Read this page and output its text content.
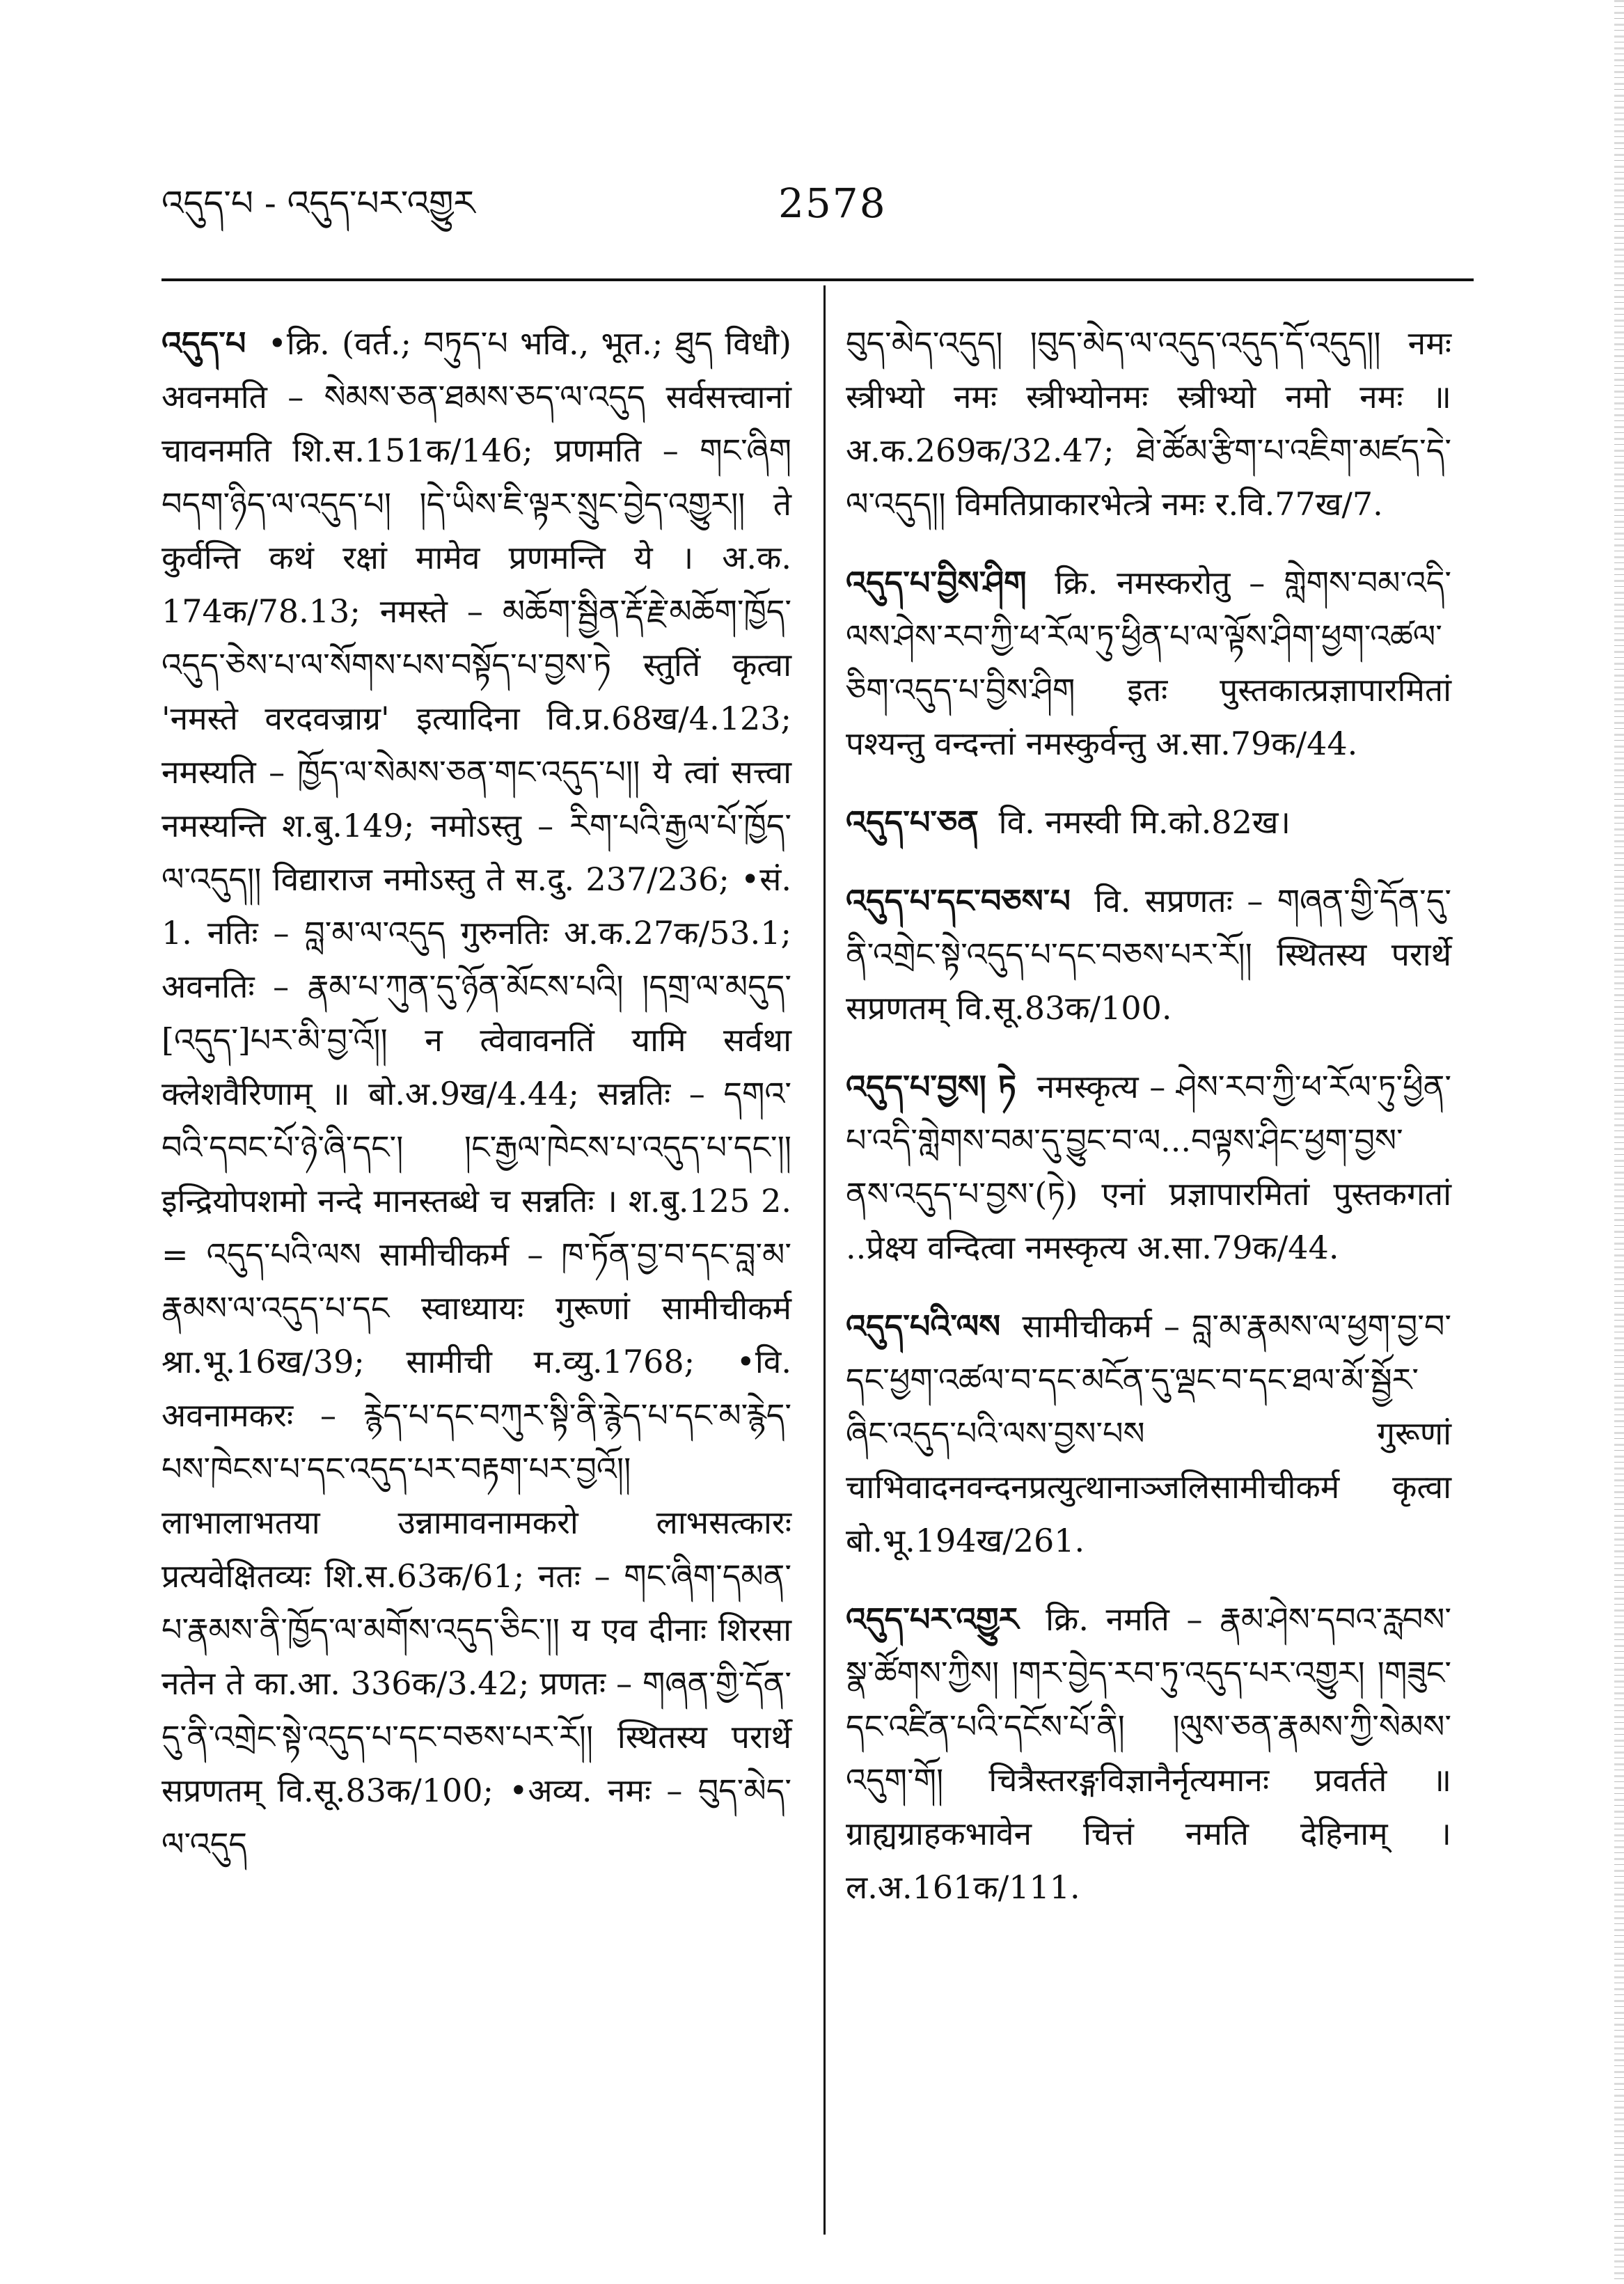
འདུད་པ - འདུད་པར་འགྱུར	2578

འདུད་པ •क्रि. (वर्त.; བཏུད་པ भवि., भूत.; ཐུད विधौ) अवनमति – སེམས་ཅན་ཐམས་ཅད་ལ་འདུད सर्वसत्त्वानां चावनमति शि.स.151क/146; प्रणमति – གང་ཞིག བདག་ཉིད་ལ་འདུད་པ། །དེ་ཡིས་ཇི་ལྟར་སྲུང་བྱེད་འགྱུར།། ते कुर्वन्ति कथं रक्षां मामेव प्रणमन्ति ये । अ.क. 174क/78.13; नमस्ते – མཆོག་སྦྱིན་རྡོ་རྗེ་མཆོག་ཁྱོད་འདུད་ཅེས་པ་ལ་སོགས་པས་བསྟོད་པ་བྱས་ཏེ स्तुतिं कृत्वा 'नमस्ते वरदवज्राग्र' इत्यादिना वि.प्र.68ख/4.123; नमस्यति – ཁྱོད་ལ་སེམས་ཅན་གང་འདུད་པ།། ये त्वां सत्त्वा नमस्यन्ति श.बु.149; नमोऽस्तु – རིག་པའི་རྒྱལ་པོ་ཁྱོད་ལ་འདུད།། विद्याराज नमोऽस्तु ते स.दु. 237/236; •सं. 1. नतिः – བླ་མ་ལ་འདུད गुरुनतिः अ.क.27क/53.1; अवनतिः – རྣམ་པ་ཀུན་དུ་ཉོན་མོངས་པའི། །དགྲ་ལ་མདུད་[འདུད་]པར་མི་བྱ་འོ།། न त्वेवावनतिं यामि सर्वथा क्लेशवैरिणाम् ॥ बो.अ.9ख/4.44; सन्नतिः – དགའ་བའི་དབང་པོ་ཉེ་ཞི་དང་། །ང་རྒྱལ་ཁེངས་པ་འདུད་པ་དང་།། इन्द्रियोपशमो नन्दे मानस्तब्धे च सन्नतिः । श.बु.125 2. = འདུད་པའི་ལས सामीचीकर्म – ཁ་ཏོན་བྱ་བ་དང་བླ་མ་རྣམས་ལ་འདུད་པ་དང स्वाध्यायः गुरूणां सामीचीकर्म श्रा.भू.16ख/39; सामीची म.व्यु.1768; •वि. अवनामकरः – རྙེད་པ་དང་བཀུར་སྟི་ནི་རྙེད་པ་དང་མ་རྙེད་པས་ཁེངས་པ་དང་འདུད་པར་བརྟག་པར་བྱའོ།། लाभालाभतया उन्नामावनामकरो लाभसत्कारः प्रत्यवेक्षितव्यः शि.स.63क/61; नतः – གང་ཞིག་དམན་པ་རྣམས་ནི་ཁྱོད་ལ་མགོས་འདུད་ཅིང་།། य एव दीनाः शिरसा नतेन ते का.आ. 336क/3.42; प्रणतः – གཞན་གྱི་དོན་དུ་ནི་འགྲེང་སྟེ་འདུད་པ་དང་བཅས་པར་རོ།། स्थितस्य परार्थे सप्रणतम् वि.सू.83क/100; •अव्य. नमः – བུད་མེད་ལ་འདུད

བུད་མེད་འདུད། །བུད་མེད་ལ་འདུད་འདུད་དོ་འདུད།། नमः स्त्रीभ्यो नमः स्त्रीभ्योनमः स्त्रीभ्यो नमो नमः ॥ अ.क.269क/32.47; ཐེ་ཚོམ་རྩིག་པ་འཇིག་མཛད་དེ་ལ་འདུད།། विमतिप्राकारभेत्त्रे नमः र.वि.77ख/7.

འདུད་པ་བྱིས་ཤིག क्रि. नमस्करोतु – གླེགས་བམ་འདི་ལས་ཤེས་རབ་ཀྱི་ཕ་རོལ་ཏུ་ཕྱིན་པ་ལ་ལྟོས་ཤིག་ཕྱག་འཚལ་ཅིག་འདུད་པ་བྱིས་ཤིག इतः पुस्तकात्प्रज्ञापारमितां पश्यन्तु वन्दन्तां नमस्कुर्वन्तु अ.सा.79क/44.

འདུད་པ་ཅན वि. नमस्वी मि.को.82ख।

འདུད་པ་དང་བཅས་པ वि. सप्रणतः – གཞན་གྱི་དོན་དུ་ནི་འགྲེང་སྟེ་འདུད་པ་དང་བཅས་པར་རོ།། स्थितस्य परार्थे सप्रणतम् वि.सू.83क/100.

འདུད་པ་བྱས། ཏེ नमस्कृत्य – ཤེས་རབ་ཀྱི་ཕ་རོལ་ཏུ་ཕྱིན་པ་འདི་གླེགས་བམ་དུ་བྱུང་བ་ལ...བལྟས་ཤིང་ཕྱག་བྱས་ནས་འདུད་པ་བྱས་(ཏེ) एनां प्रज्ञापारमितां पुस्तकगतां ..प्रेक्ष्य वन्दित्वा नमस्कृत्य अ.सा.79क/44.

འདུད་པའི་ལས सामीचीकर्म – བླ་མ་རྣམས་ལ་ཕྱག་བྱ་བ་དང་ཕྱག་འཚལ་བ་དང་མངོན་དུ་ལྡང་བ་དང་ཐལ་མོ་སྦྱོར་ཞིང་འདུད་པའི་ལས་བྱས་པས गुरूणां चाभिवादनवन्दनप्रत्युत्थानाञ्जलिसामीचीकर्म कृत्वा बो.भू.194ख/261.

འདུད་པར་འགྱུར क्रि. नमति – རྣམ་ཤེས་དབའ་རླབས་སྣ་ཚོགས་ཀྱིས། །གར་བྱེད་རབ་ཏུ་འདུད་པར་འགྱུར། །གཟུང་དང་འཛིན་པའི་དངོས་པོ་ནི། །ལུས་ཅན་རྣམས་ཀྱི་སེམས་འདུག་གོ། चित्रैस्तरङ्गविज्ञानैर्नृत्यमानः प्रवर्तते ॥ ग्राह्यग्राहकभावेन चित्तं नमति देहिनाम् । ल.अ.161क/111.
